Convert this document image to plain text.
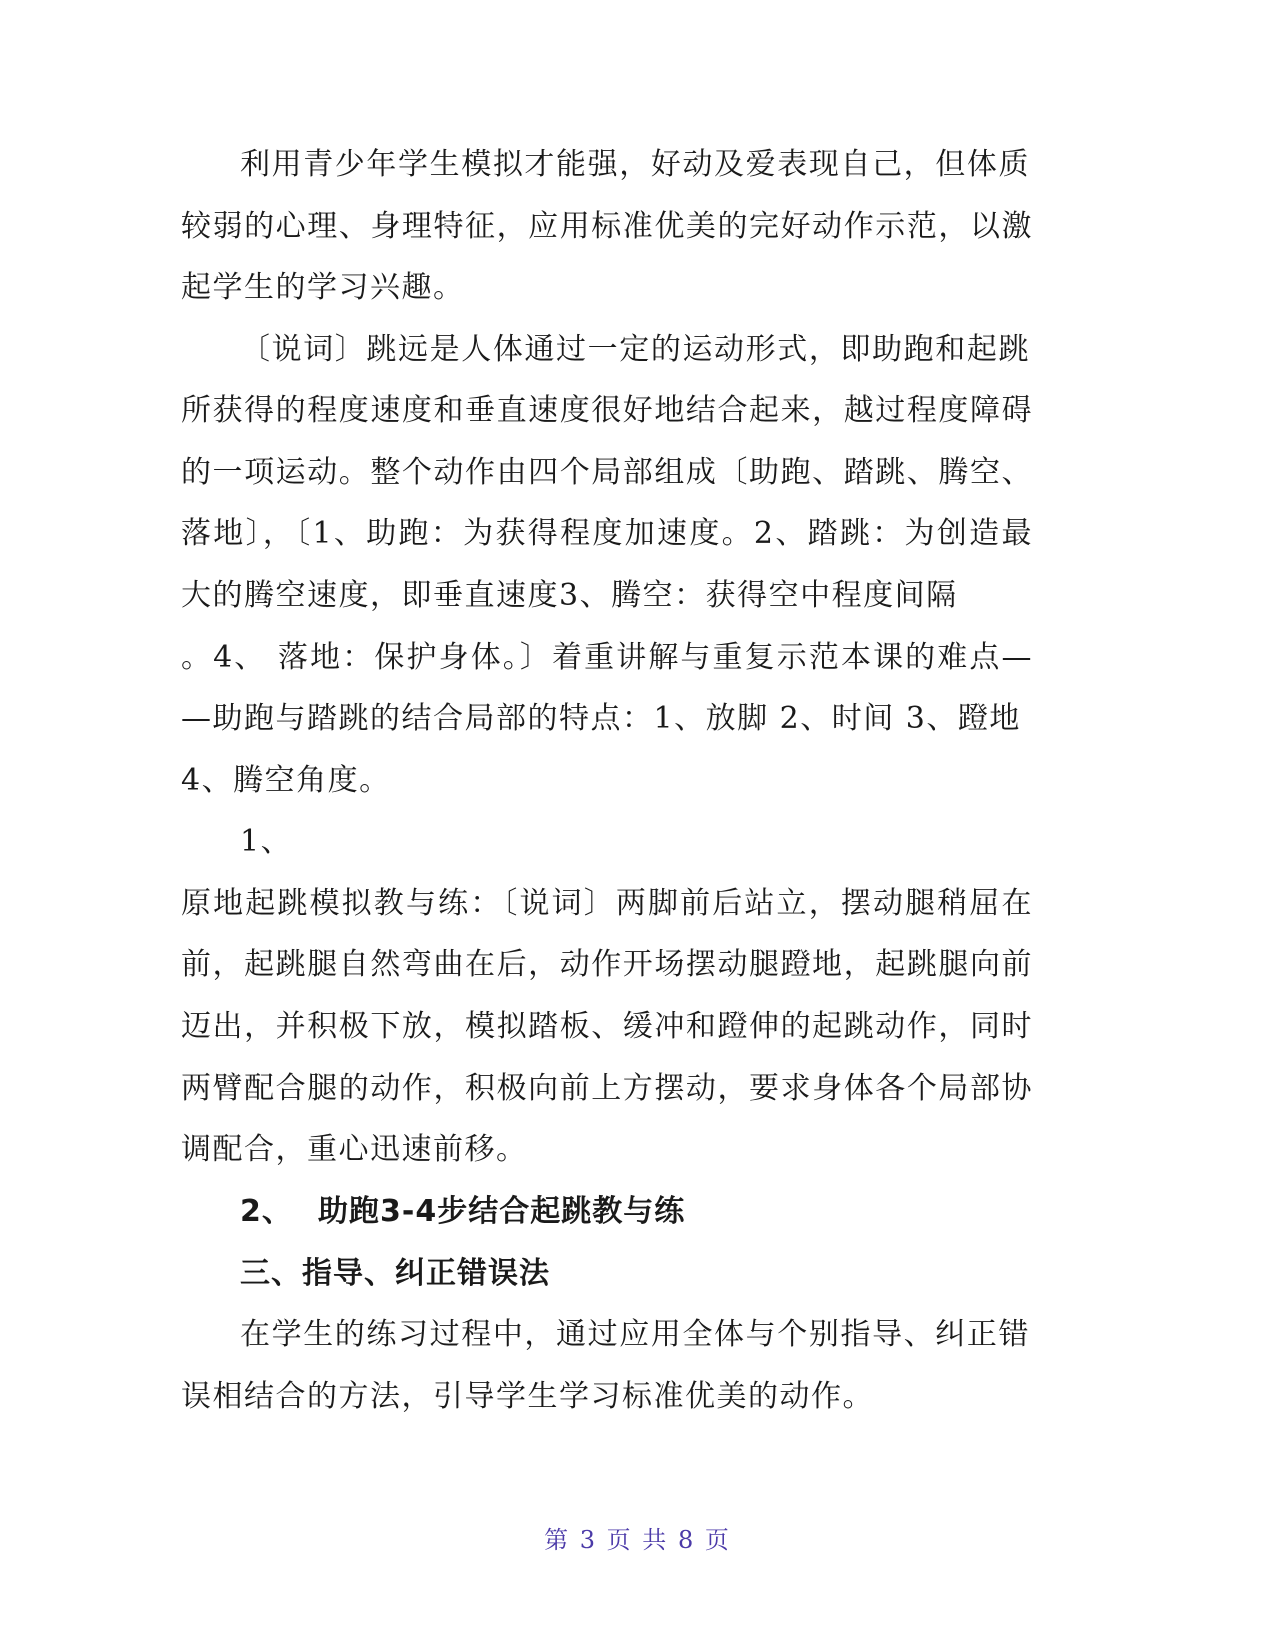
利用青少年学生模拟才能强，好动及爱表现自己，但体质
较弱的心理、身理特征，应用标准优美的完好动作示范，以激
起学生的学习兴趣。
〔说词〕跳远是人体通过一定的运动形式，即助跑和起跳
所获得的程度速度和垂直速度很好地结合起来，越过程度障碍
的一项运动。整个动作由四个局部组成〔助跑、踏跳、腾空、
落地〕，〔1、助跑：为获得程度加速度。2、踏跳：为创造最
大的腾空速度，即垂直速度3、腾空：获得空中程度间隔
。4、 落地：保护身体。〕着重讲解与重复示范本课的难点—
—助跑与踏跳的结合局部的特点：1、放脚 2、时间 3、蹬地
4、腾空角度。
1、
原地起跳模拟教与练：〔说词〕两脚前后站立，摆动腿稍屈在
前，起跳腿自然弯曲在后，动作开场摆动腿蹬地，起跳腿向前
迈出，并积极下放，模拟踏板、缓冲和蹬伸的起跳动作，同时
两臂配合腿的动作，积极向前上方摆动，要求身体各个局部协
调配合，重心迅速前移。
2、 助跑3-4步结合起跳教与练
三、指导、纠正错误法
在学生的练习过程中，通过应用全体与个别指导、纠正错
误相结合的方法，引导学生学习标准优美的动作。
第 3 页 共 8 页
